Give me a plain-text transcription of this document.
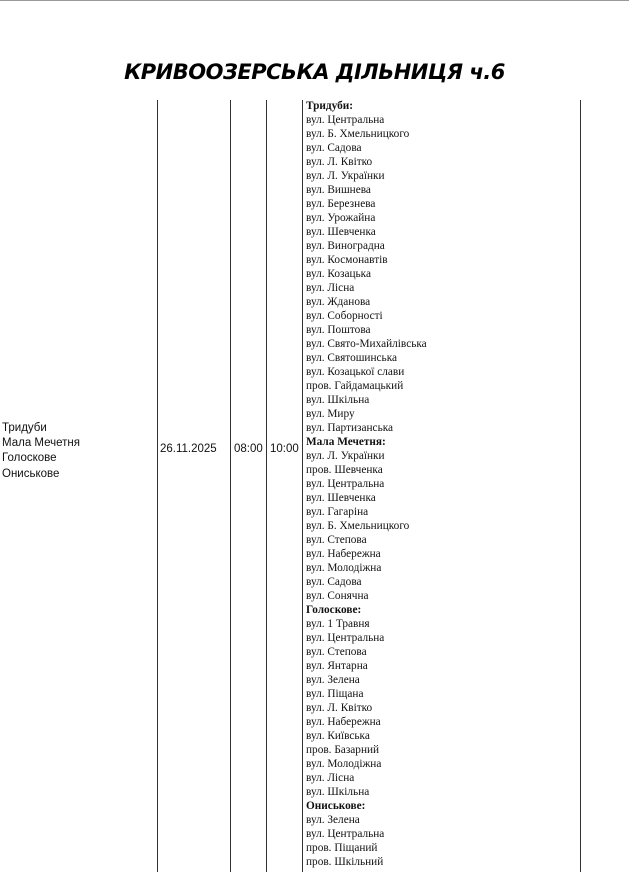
КРИВООЗЕРСЬКА ДІЛЬНИЦЯ ч.6
Тридуби
Мала Мечетня
Голоскове
Ониськове
26.11.2025 08:00 10:00
Тридуби:
вул. Центральна
вул. Б. Хмельницкого
вул. Садова
вул. Л. Квітко
вул. Л. Українки
вул. Вишнева
вул. Березнева
вул. Урожайна
вул. Шевченка
вул. Виноградна
вул. Космонавтів
вул. Козацька
вул. Лісна
вул. Жданова
вул. Соборності
вул. Поштова
вул. Свято-Михайлівська
вул. Святошинська
вул. Козацької слави
пров. Гайдамацький
вул. Шкільна
вул. Миру
вул. Партизанська
Мала Мечетня:
вул. Л. Українки
пров. Шевченка
вул. Центральна
вул. Шевченка
вул. Гагаріна
вул. Б. Хмельницкого
вул. Степова
вул. Набережна
вул. Молодіжна
вул. Садова
вул. Сонячна
Голоскове:
вул. 1 Травня
вул. Центральна
вул. Степова
вул. Янтарна
вул. Зелена
вул. Піщана
вул. Л. Квітко
вул. Набережна
вул. Київська
пров. Базарний
вул. Молодіжна
вул. Лісна
вул. Шкільна
Ониськове:
вул. Зелена
вул. Центральна
пров. Піщаний
пров. Шкільний
